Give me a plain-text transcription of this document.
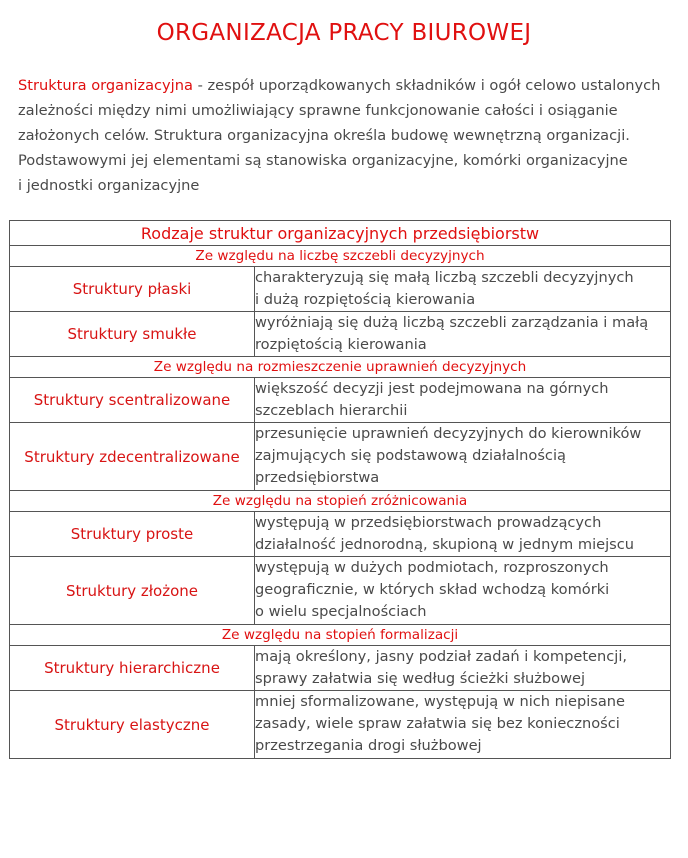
ORGANIZACJA PRACY BIUROWEJ
Struktura organizacyjna - zespół uporządkowanych składników i ogół celowo ustalonych
zależności między nimi umożliwiający sprawne funkcjonowanie całości i osiąganie
założonych celów. Struktura organizacyjna określa budowę wewnętrzną organizacji.
Podstawowymi jej elementami są stanowiska organizacyjne, komórki organizacyjne
i jednostki organizacyjne
Rodzaje struktur organizacyjnych przedsiębiorstw	
Ze względu na liczbę szczebli decyzyjnych	
Struktury płaski	charakteryzują się małą liczbą szczebli decyzyjnych
i dużą rozpiętością kierowania

Struktury smukłe	wyróżniają się dużą liczbą szczebli zarządzania i małą
rozpiętością kierowania

Ze względu na rozmieszczenie uprawnień decyzyjnych	
Struktury scentralizowane	większość decyzji jest podejmowana na górnych
szczeblach hierarchii

Struktury zdecentralizowane	przesunięcie uprawnień decyzyjnych do kierowników
zajmujących się podstawową działalnością
przedsiębiorstwa

Ze względu na stopień zróżnicowania	
Struktury proste	występują w przedsiębiorstwach prowadzących
działalność jednorodną, skupioną w jednym miejscu

Struktury złożone	występują w dużych podmiotach, rozproszonych
geograficznie, w których skład wchodzą komórki
o wielu specjalnościach

Ze względu na stopień formalizacji	
Struktury hierarchiczne	mają określony, jasny podział zadań i kompetencji,
sprawy załatwia się według ścieżki służbowej

Struktury elastyczne	mniej sformalizowane, występują w nich niepisane
zasady, wiele spraw załatwia się bez konieczności
przestrzegania drogi służbowej
